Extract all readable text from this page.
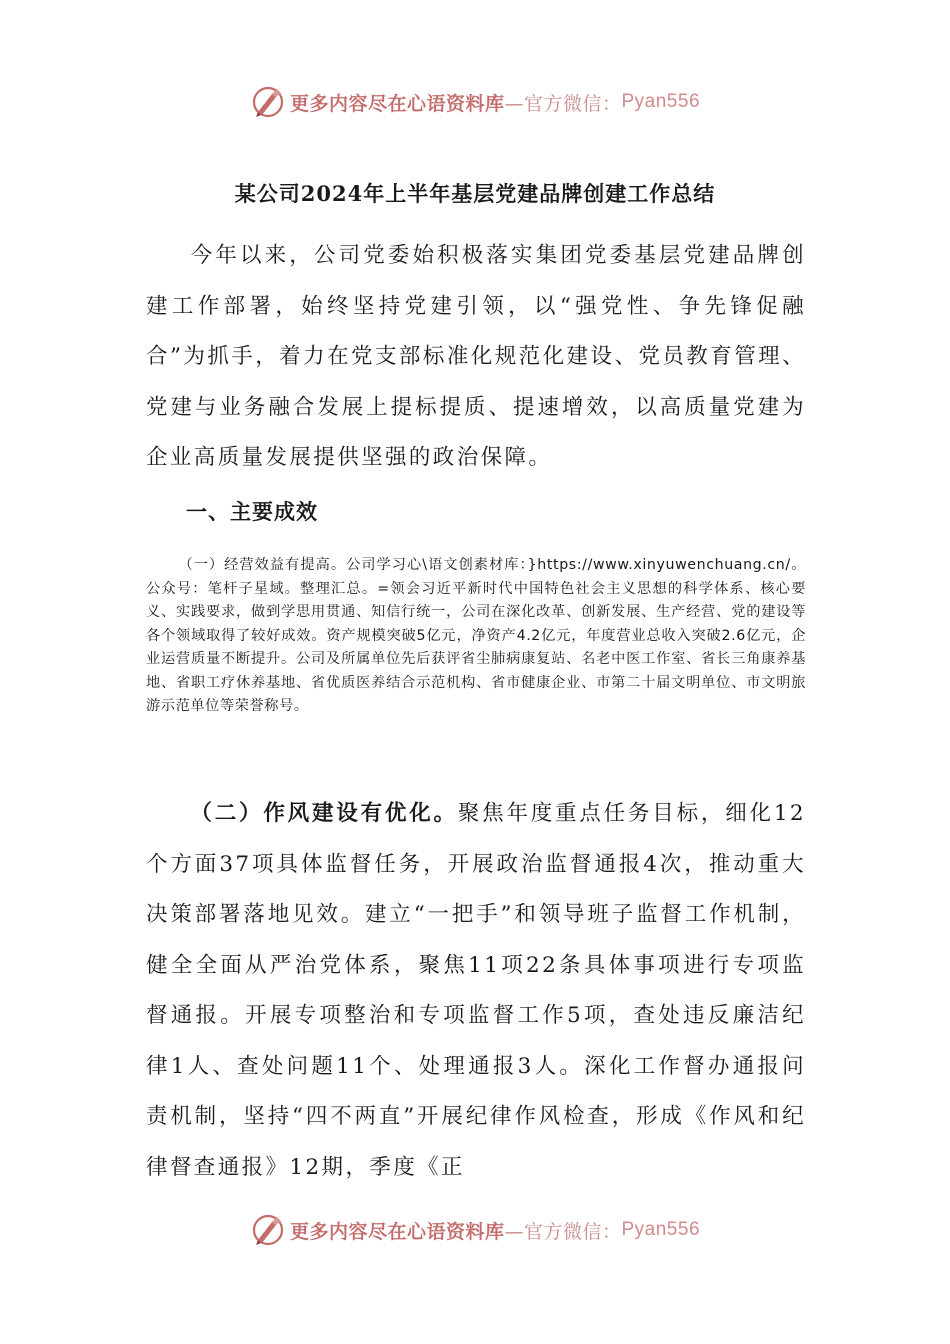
更多内容尽在心语资料库 —官方微信： Pyan556
某公司2024年上半年基层党建品牌创建工作总结

今年以来，公司党委始积极落实集团党委基层党建品牌创建工作部署，始终坚持党建引领，以“强党性、争先锋促融合”为抓手，着力在党支部标准化规范化建设、党员教育管理、党建与业务融合发展上提标提质、提速增效，以高质量党建为企业高质量发展提供坚强的政治保障。

一、主要成效

（一）经营效益有提高。公司学习心\语文创素材库：}https://www.xinyuwenchuang.cn/。公众号：笔杆子星域。整理汇总。=领会习近平新时代中国特色社会主义思想的科学体系、核心要义、实践要求，做到学思用贯通、知信行统一，公司在深化改革、创新发展、生产经营、党的建设等各个领域取得了较好成效。资产规模突破5亿元，净资产4.2亿元，年度营业总收入突破2.6亿元，企业运营质量不断提升。公司及所属单位先后获评省尘肺病康复站、名老中医工作室、省长三角康养基地、省职工疗休养基地、省优质医养结合示范机构、省市健康企业、市第二十届文明单位、市文明旅游示范单位等荣誉称号。

（二）作风建设有优化。聚焦年度重点任务目标，细化12个方面37项具体监督任务，开展政治监督通报4次，推动重大决策部署落地见效。建立“一把手”和领导班子监督工作机制，健全全面从严治党体系，聚焦11项22条具体事项进行专项监督通报。开展专项整治和专项监督工作5项，查处违反廉洁纪律1人、查处问题11个、处理通报3人。深化工作督办通报问责机制，坚持“四不两直”开展纪律作风检查，形成《作风和纪律督查通报》12期，季度《正

更多内容尽在心语资料库 —官方微信： Pyan556
